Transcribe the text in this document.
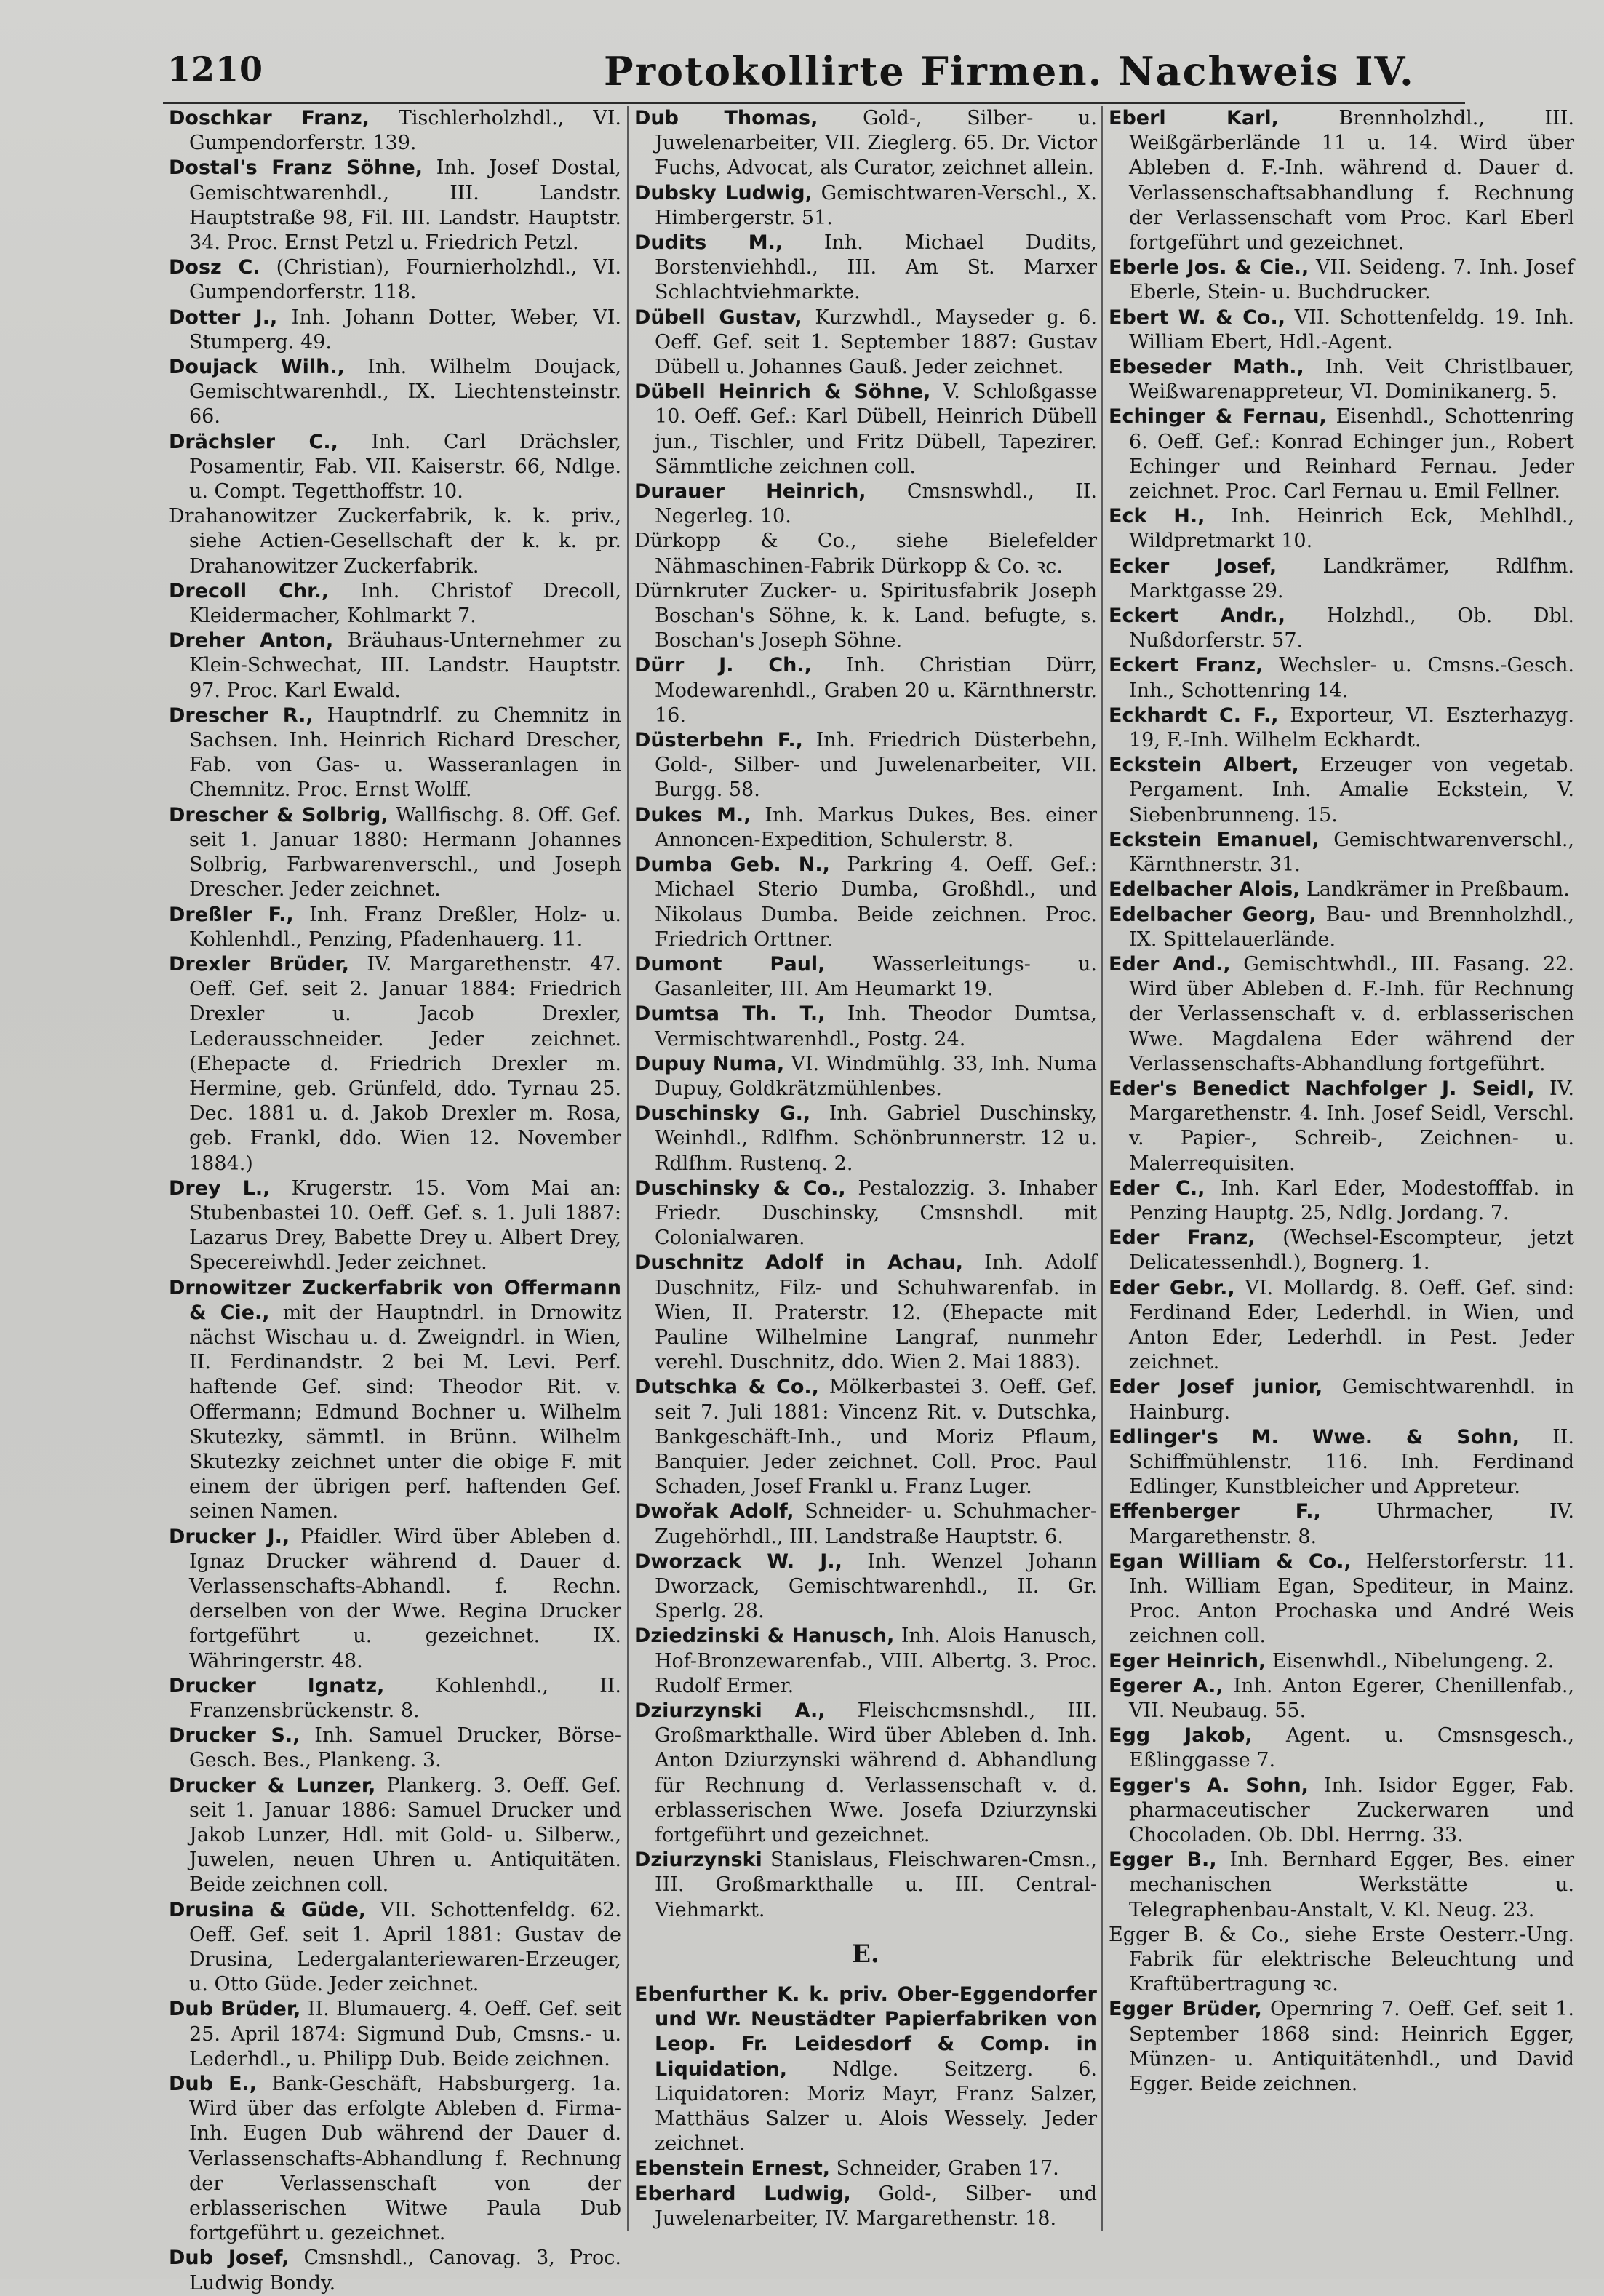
1210	Protokollirte Firmen. Nachweis IV.
Doschkar Franz, Tischlerholzhdl., VI. Gumpendorferstr. 139.
Dostal's Franz Söhne, Inh. Josef Dostal, Gemischtwarenhdl., III. Landstr. Hauptstraße 98, Fil. III. Landstr. Hauptstr. 34. Proc. Ernst Petzl u. Friedrich Petzl.
Dosz C. (Christian), Fournierholzhdl., VI. Gumpendorferstr. 118.
Dotter J., Inh. Johann Dotter, Weber, VI. Stumperg. 49.
Doujack Wilh., Inh. Wilhelm Doujack, Gemischtwarenhdl., IX. Liechtensteinstr. 66.
Drächsler C., Inh. Carl Drächsler, Posamentir, Fab. VII. Kaiserstr. 66, Ndlge. u. Compt. Tegetthoffstr. 10.
Drahanowitzer Zuckerfabrik, k. k. priv., siehe Actien-Gesellschaft der k. k. pr. Drahanowitzer Zuckerfabrik.
Drecoll Chr., Inh. Christof Drecoll, Kleidermacher, Kohlmarkt 7.
Dreher Anton, Bräuhaus-Unternehmer zu Klein-Schwechat, III. Landstr. Hauptstr. 97. Proc. Karl Ewald.
Drescher R., Hauptndrlf. zu Chemnitz in Sachsen. Inh. Heinrich Richard Drescher, Fab. von Gas- u. Wasseranlagen in Chemnitz. Proc. Ernst Wolff.
Drescher & Solbrig, Wallfischg. 8. Off. Gef. seit 1. Januar 1880: Hermann Johannes Solbrig, Farbwarenverschl., und Joseph Drescher. Jeder zeichnet.
Dreßler F., Inh. Franz Dreßler, Holz- u. Kohlenhdl., Penzing, Pfadenhauerg. 11.
Drexler Brüder, IV. Margarethenstr. 47. Oeff. Gef. seit 2. Januar 1884: Friedrich Drexler u. Jacob Drexler, Lederausschneider. Jeder zeichnet. (Ehepacte d. Friedrich Drexler m. Hermine, geb. Grünfeld, ddo. Tyrnau 25. Dec. 1881 u. d. Jakob Drexler m. Rosa, geb. Frankl, ddo. Wien 12. November 1884.)
Drey L., Krugerstr. 15. Vom Mai an: Stubenbastei 10. Oeff. Gef. s. 1. Juli 1887: Lazarus Drey, Babette Drey u. Albert Drey, Specereiwhdl. Jeder zeichnet.
Drnowitzer Zuckerfabrik von Offermann & Cie., mit der Hauptndrl. in Drnowitz nächst Wischau u. d. Zweigndrl. in Wien, II. Ferdinandstr. 2 bei M. Levi. Perf. haftende Gef. sind: Theodor Rit. v. Offermann; Edmund Bochner u. Wilhelm Skutezky, sämmtl. in Brünn. Wilhelm Skutezky zeichnet unter die obige F. mit einem der übrigen perf. haftenden Gef. seinen Namen.
Drucker J., Pfaidler. Wird über Ableben d. Ignaz Drucker während d. Dauer d. Verlassenschafts-Abhandl. f. Rechn. derselben von der Wwe. Regina Drucker fortgeführt u. gezeichnet. IX. Währingerstr. 48.
Drucker Ignatz, Kohlenhdl., II. Franzensbrückenstr. 8.
Drucker S., Inh. Samuel Drucker, Börse-Gesch. Bes., Plankeng. 3.
Drucker & Lunzer, Plankerg. 3. Oeff. Gef. seit 1. Januar 1886: Samuel Drucker und Jakob Lunzer, Hdl. mit Gold- u. Silberw., Juwelen, neuen Uhren u. Antiquitäten. Beide zeichnen coll.
Drusina & Güde, VII. Schottenfeldg. 62. Oeff. Gef. seit 1. April 1881: Gustav de Drusina, Ledergalanteriewaren-Erzeuger, u. Otto Güde. Jeder zeichnet.
Dub Brüder, II. Blumauerg. 4. Oeff. Gef. seit 25. April 1874: Sigmund Dub, Cmsns.- u. Lederhdl., u. Philipp Dub. Beide zeichnen.
Dub E., Bank-Geschäft, Habsburgerg. 1a. Wird über das erfolgte Ableben d. Firma-Inh. Eugen Dub während der Dauer d. Verlassenschafts-Abhandlung f. Rechnung der Verlassenschaft von der erblasserischen Witwe Paula Dub fortgeführt u. gezeichnet.
Dub Josef, Cmsnshdl., Canovag. 3, Proc. Ludwig Bondy.
Dub Thomas, Gold-, Silber- u. Juwelenarbeiter, VII. Zieglerg. 65. Dr. Victor Fuchs, Advocat, als Curator, zeichnet allein.
Dubsky Ludwig, Gemischtwaren-Verschl., X. Himbergerstr. 51.
Dudits M., Inh. Michael Dudits, Borstenviehhdl., III. Am St. Marxer Schlachtviehmarkte.
Dübell Gustav, Kurzwhdl., Mayseder g. 6. Oeff. Gef. seit 1. September 1887: Gustav Dübell u. Johannes Gauß. Jeder zeichnet.
Dübell Heinrich & Söhne, V. Schloßgasse 10. Oeff. Gef.: Karl Dübell, Heinrich Dübell jun., Tischler, und Fritz Dübell, Tapezirer. Sämmtliche zeichnen coll.
Durauer Heinrich, Cmsnswhdl., II. Negerleg. 10.
Dürkopp & Co., siehe Bielefelder Nähmaschinen-Fabrik Dürkopp & Co. ꝛc.
Dürnkruter Zucker- u. Spiritusfabrik Joseph Boschan's Söhne, k. k. Land. befugte, s. Boschan's Joseph Söhne.
Dürr J. Ch., Inh. Christian Dürr, Modewarenhdl., Graben 20 u. Kärnthnerstr. 16.
Düsterbehn F., Inh. Friedrich Düsterbehn, Gold-, Silber- und Juwelenarbeiter, VII. Burgg. 58.
Dukes M., Inh. Markus Dukes, Bes. einer Annoncen-Expedition, Schulerstr. 8.
Dumba Geb. N., Parkring 4. Oeff. Gef.: Michael Sterio Dumba, Großhdl., und Nikolaus Dumba. Beide zeichnen. Proc. Friedrich Orttner.
Dumont Paul, Wasserleitungs- u. Gasanleiter, III. Am Heumarkt 19.
Dumtsa Th. T., Inh. Theodor Dumtsa, Vermischtwarenhdl., Postg. 24.
Dupuy Numa, VI. Windmühlg. 33, Inh. Numa Dupuy, Goldkrätzmühlenbes.
Duschinsky G., Inh. Gabriel Duschinsky, Weinhdl., Rdlfhm. Schönbrunnerstr. 12 u. Rdlfhm. Rustenq. 2.
Duschinsky & Co., Pestalozzig. 3. Inhaber Friedr. Duschinsky, Cmsnshdl. mit Colonialwaren.
Duschnitz Adolf in Achau, Inh. Adolf Duschnitz, Filz- und Schuhwarenfab. in Wien, II. Praterstr. 12. (Ehepacte mit Pauline Wilhelmine Langraf, nunmehr verehl. Duschnitz, ddo. Wien 2. Mai 1883).
Dutschka & Co., Mölkerbastei 3. Oeff. Gef. seit 7. Juli 1881: Vincenz Rit. v. Dutschka, Bankgeschäft-Inh., und Moriz Pflaum, Banquier. Jeder zeichnet. Coll. Proc. Paul Schaden, Josef Frankl u. Franz Luger.
Dwořak Adolf, Schneider- u. Schuhmacher-Zugehörhdl., III. Landstraße Hauptstr. 6.
Dworzack W. J., Inh. Wenzel Johann Dworzack, Gemischtwarenhdl., II. Gr. Sperlg. 28.
Dziedzinski & Hanusch, Inh. Alois Hanusch, Hof-Bronzewarenfab., VIII. Albertg. 3. Proc. Rudolf Ermer.
Dziurzynski A., Fleischcmsnshdl., III. Großmarkthalle. Wird über Ableben d. Inh. Anton Dziurzynski während d. Abhandlung für Rechnung d. Verlassenschaft v. d. erblasserischen Wwe. Josefa Dziurzynski fortgeführt und gezeichnet.
Dziurzynski Stanislaus, Fleischwaren-Cmsn., III. Großmarkthalle u. III. Central-Viehmarkt.
E.
Ebenfurther K. k. priv. Ober-Eggendorfer und Wr. Neustädter Papierfabriken von Leop. Fr. Leidesdorf & Comp. in Liquidation, Ndlge. Seitzerg. 6. Liquidatoren: Moriz Mayr, Franz Salzer, Matthäus Salzer u. Alois Wessely. Jeder zeichnet.
Ebenstein Ernest, Schneider, Graben 17.
Eberhard Ludwig, Gold-, Silber- und Juwelenarbeiter, IV. Margarethenstr. 18.
Eberl Karl, Brennholzhdl., III. Weißgärberlände 11 u. 14. Wird über Ableben d. F.-Inh. während d. Dauer d. Verlassenschaftsabhandlung f. Rechnung der Verlassenschaft vom Proc. Karl Eberl fortgeführt und gezeichnet.
Eberle Jos. & Cie., VII. Seideng. 7. Inh. Josef Eberle, Stein- u. Buchdrucker.
Ebert W. & Co., VII. Schottenfeldg. 19. Inh. William Ebert, Hdl.-Agent.
Ebeseder Math., Inh. Veit Christlbauer, Weißwarenappreteur, VI. Dominikanerg. 5.
Echinger & Fernau, Eisenhdl., Schottenring 6. Oeff. Gef.: Konrad Echinger jun., Robert Echinger und Reinhard Fernau. Jeder zeichnet. Proc. Carl Fernau u. Emil Fellner.
Eck H., Inh. Heinrich Eck, Mehlhdl., Wildpretmarkt 10.
Ecker Josef, Landkrämer, Rdlfhm. Marktgasse 29.
Eckert Andr., Holzhdl., Ob. Dbl. Nußdorferstr. 57.
Eckert Franz, Wechsler- u. Cmsns.-Gesch. Inh., Schottenring 14.
Eckhardt C. F., Exporteur, VI. Eszterhazyg. 19, F.-Inh. Wilhelm Eckhardt.
Eckstein Albert, Erzeuger von vegetab. Pergament. Inh. Amalie Eckstein, V. Siebenbrunneng. 15.
Eckstein Emanuel, Gemischtwarenverschl., Kärnthnerstr. 31.
Edelbacher Alois, Landkrämer in Preßbaum.
Edelbacher Georg, Bau- und Brennholzhdl., IX. Spittelauerlände.
Eder And., Gemischtwhdl., III. Fasang. 22. Wird über Ableben d. F.-Inh. für Rechnung der Verlassenschaft v. d. erblasserischen Wwe. Magdalena Eder während der Verlassenschafts-Abhandlung fortgeführt.
Eder's Benedict Nachfolger J. Seidl, IV. Margarethenstr. 4. Inh. Josef Seidl, Verschl. v. Papier-, Schreib-, Zeichnen- u. Malerrequisiten.
Eder C., Inh. Karl Eder, Modestofffab. in Penzing Hauptg. 25, Ndlg. Jordang. 7.
Eder Franz, (Wechsel-Escompteur, jetzt Delicatessenhdl.), Bognerg. 1.
Eder Gebr., VI. Mollardg. 8. Oeff. Gef. sind: Ferdinand Eder, Lederhdl. in Wien, und Anton Eder, Lederhdl. in Pest. Jeder zeichnet.
Eder Josef junior, Gemischtwarenhdl. in Hainburg.
Edlinger's M. Wwe. & Sohn, II. Schiffmühlenstr. 116. Inh. Ferdinand Edlinger, Kunstbleicher und Appreteur.
Effenberger F., Uhrmacher, IV. Margarethenstr. 8.
Egan William & Co., Helferstorferstr. 11. Inh. William Egan, Spediteur, in Mainz. Proc. Anton Prochaska und André Weis zeichnen coll.
Eger Heinrich, Eisenwhdl., Nibelungeng. 2.
Egerer A., Inh. Anton Egerer, Chenillenfab., VII. Neubaug. 55.
Egg Jakob, Agent. u. Cmsnsgesch., Eßlinggasse 7.
Egger's A. Sohn, Inh. Isidor Egger, Fab. pharmaceutischer Zuckerwaren und Chocoladen. Ob. Dbl. Herrng. 33.
Egger B., Inh. Bernhard Egger, Bes. einer mechanischen Werkstätte u. Telegraphenbau-Anstalt, V. Kl. Neug. 23.
Egger B. & Co., siehe Erste Oesterr.-Ung. Fabrik für elektrische Beleuchtung und Kraftübertragung ꝛc.
Egger Brüder, Opernring 7. Oeff. Gef. seit 1. September 1868 sind: Heinrich Egger, Münzen- u. Antiquitätenhdl., und David Egger. Beide zeichnen.
